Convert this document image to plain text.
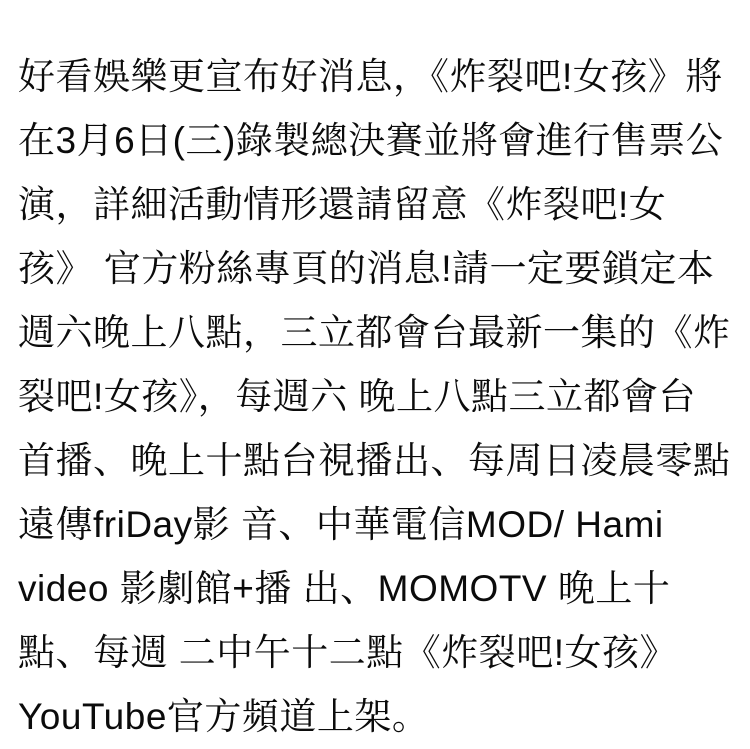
好看娛樂更宣布好消息，《炸裂吧!女孩》將在3月6日(三)錄製總決賽並將會進行售票公演，詳細活動情形還請留意《炸裂吧!女孩》 官方粉絲專頁的消息!請一定要鎖定本週六晚上八點，三立都會台最新一集的《炸裂吧!女孩》，每週六 晚上八點三立都會台首播、晚上十點台視播出、每周日凌晨零點遠傳friDay影 音、中華電信MOD/ Hami video 影劇館+播 出、MOMOTV 晚上十點、每週 二中午十二點《炸裂吧!女孩》 YouTube官方頻道上架。
